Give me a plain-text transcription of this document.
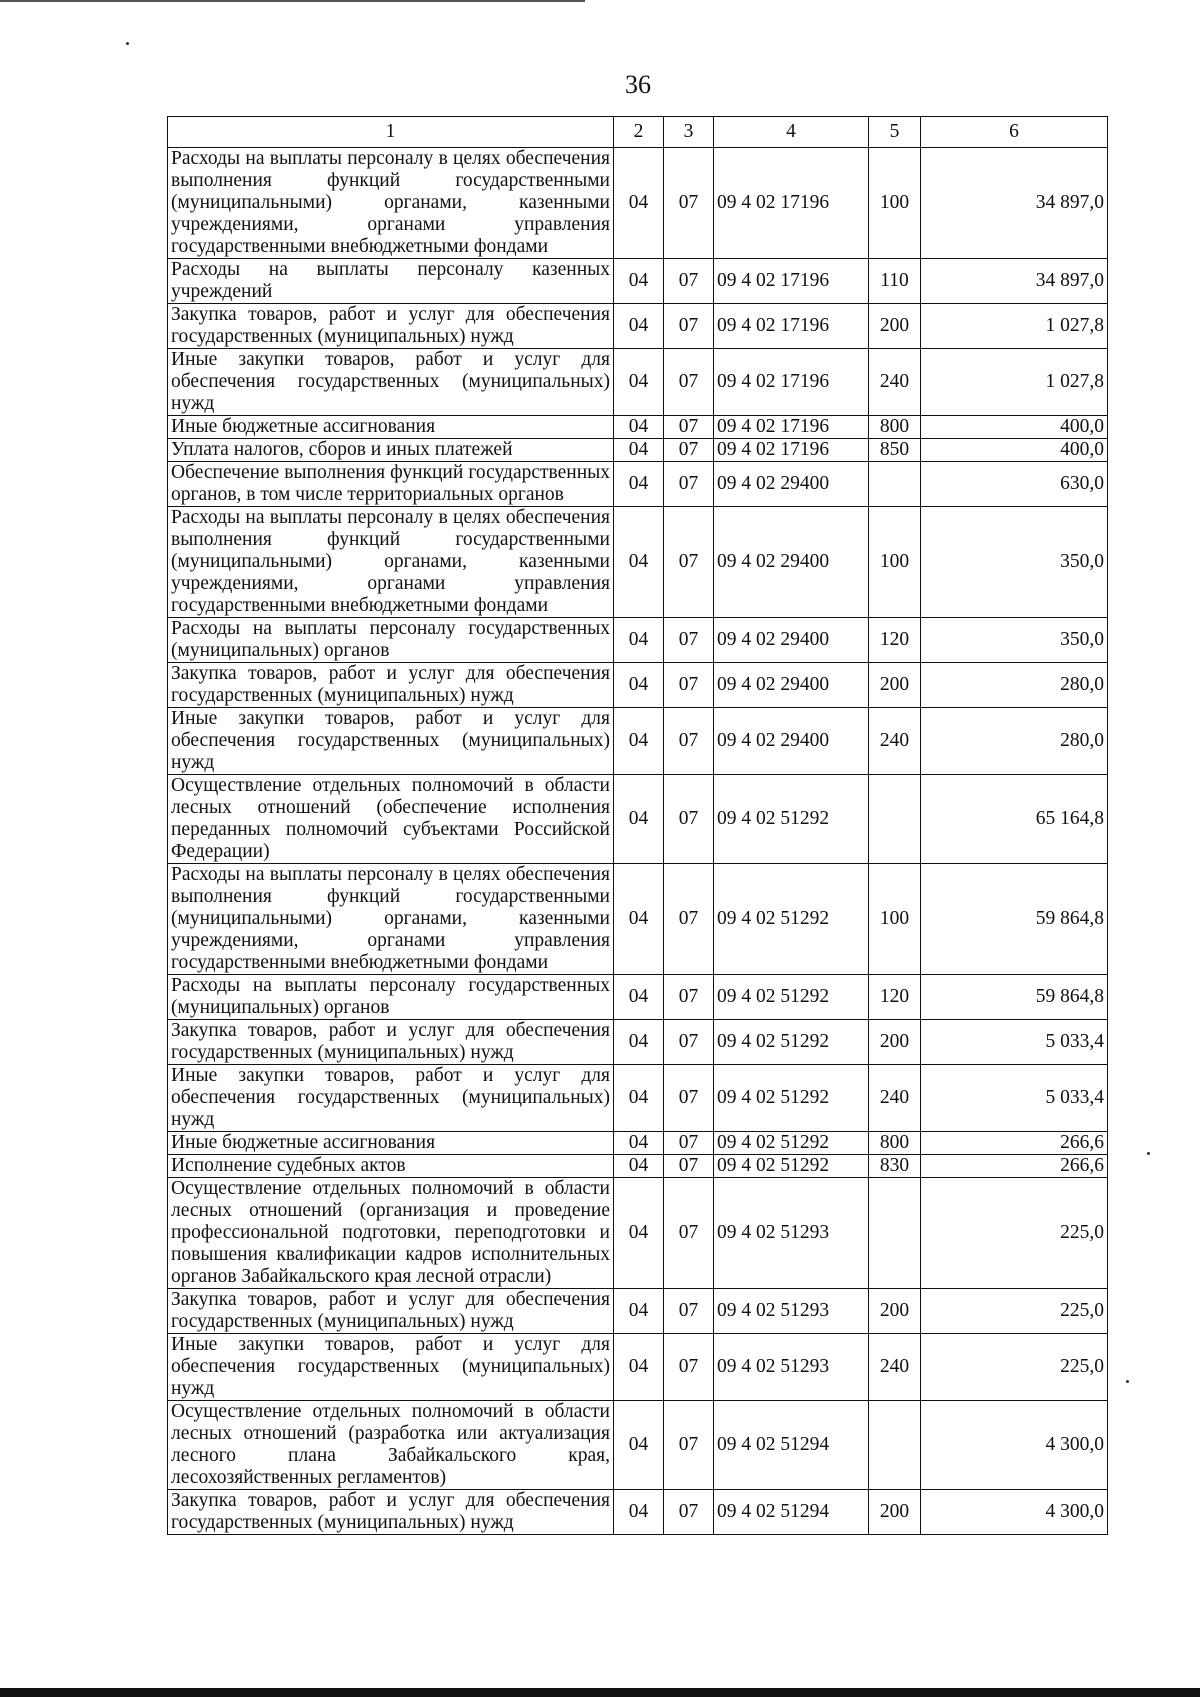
36
1	2	3	4	5	6
Расходы на выплаты персоналу в целях обеспечения выполнения функций государственными (муниципальными) органами, казенными учреждениями, органами управления государственными внебюджетными фондами	04	07	09 4 02 17196	100	34 897,0
Расходы на выплаты персоналу казенных учреждений	04	07	09 4 02 17196	110	34 897,0
Закупка товаров, работ и услуг для обеспечения государственных (муниципальных) нужд	04	07	09 4 02 17196	200	1 027,8
Иные закупки товаров, работ и услуг для обеспечения государственных (муниципальных) нужд	04	07	09 4 02 17196	240	1 027,8
Иные бюджетные ассигнования	04	07	09 4 02 17196	800	400,0
Уплата налогов, сборов и иных платежей	04	07	09 4 02 17196	850	400,0
Обеспечение выполнения функций государственных органов, в том числе территориальных органов	04	07	09 4 02 29400		630,0
Расходы на выплаты персоналу в целях обеспечения выполнения функций государственными (муниципальными) органами, казенными учреждениями, органами управления государственными внебюджетными фондами	04	07	09 4 02 29400	100	350,0
Расходы на выплаты персоналу государственных (муниципальных) органов	04	07	09 4 02 29400	120	350,0
Закупка товаров, работ и услуг для обеспечения государственных (муниципальных) нужд	04	07	09 4 02 29400	200	280,0
Иные закупки товаров, работ и услуг для обеспечения государственных (муниципальных) нужд	04	07	09 4 02 29400	240	280,0
Осуществление отдельных полномочий в области лесных отношений (обеспечение исполнения переданных полномочий субъектами Российской Федерации)	04	07	09 4 02 51292		65 164,8
Расходы на выплаты персоналу в целях обеспечения выполнения функций государственными (муниципальными) органами, казенными учреждениями, органами управления государственными внебюджетными фондами	04	07	09 4 02 51292	100	59 864,8
Расходы на выплаты персоналу государственных (муниципальных) органов	04	07	09 4 02 51292	120	59 864,8
Закупка товаров, работ и услуг для обеспечения государственных (муниципальных) нужд	04	07	09 4 02 51292	200	5 033,4
Иные закупки товаров, работ и услуг для обеспечения государственных (муниципальных) нужд	04	07	09 4 02 51292	240	5 033,4
Иные бюджетные ассигнования	04	07	09 4 02 51292	800	266,6
Исполнение судебных актов	04	07	09 4 02 51292	830	266,6
Осуществление отдельных полномочий в области лесных отношений (организация и проведение профессиональной подготовки, переподготовки и повышения квалификации кадров исполнительных органов Забайкальского края лесной отрасли)	04	07	09 4 02 51293		225,0
Закупка товаров, работ и услуг для обеспечения государственных (муниципальных) нужд	04	07	09 4 02 51293	200	225,0
Иные закупки товаров, работ и услуг для обеспечения государственных (муниципальных) нужд	04	07	09 4 02 51293	240	225,0
Осуществление отдельных полномочий в области лесных отношений (разработка или актуализация лесного плана Забайкальского края, лесохозяйственных регламентов)	04	07	09 4 02 51294		4 300,0
Закупка товаров, работ и услуг для обеспечения государственных (муниципальных) нужд	04	07	09 4 02 51294	200	4 300,0
